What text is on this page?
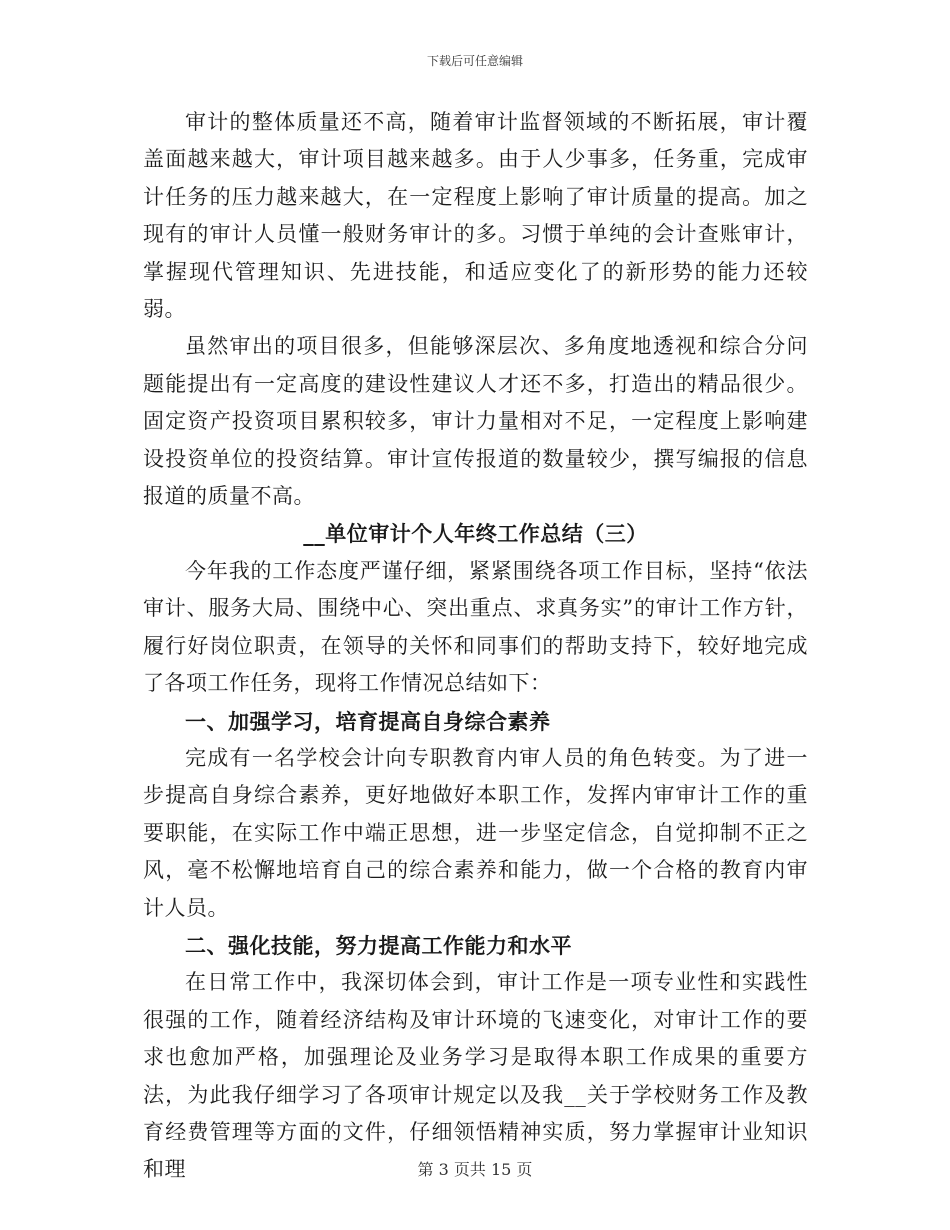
下载后可任意编辑

审计的整体质量还不高，随着审计监督领域的不断拓展，审计覆盖面越来越大，审计项目越来越多。由于人少事多，任务重，完成审计任务的压力越来越大，在一定程度上影响了审计质量的提高。加之现有的审计人员懂一般财务审计的多。习惯于单纯的会计查账审计，掌握现代管理知识、先进技能，和适应变化了的新形势的能力还较弱。

虽然审出的项目很多，但能够深层次、多角度地透视和综合分问题能提出有一定高度的建设性建议人才还不多，打造出的精品很少。固定资产投资项目累积较多，审计力量相对不足，一定程度上影响建设投资单位的投资结算。审计宣传报道的数量较少，撰写编报的信息报道的质量不高。

__单位审计个人年终工作总结（三）

今年我的工作态度严谨仔细，紧紧围绕各项工作目标，坚持“依法审计、服务大局、围绕中心、突出重点、求真务实”的审计工作方针，履行好岗位职责，在领导的关怀和同事们的帮助支持下，较好地完成了各项工作任务，现将工作情况总结如下：

一、加强学习，培育提高自身综合素养

完成有一名学校会计向专职教育内审人员的角色转变。为了进一步提高自身综合素养，更好地做好本职工作，发挥内审审计工作的重要职能，在实际工作中端正思想，进一步坚定信念，自觉抑制不正之风，毫不松懈地培育自己的综合素养和能力，做一个合格的教育内审计人员。

二、强化技能，努力提高工作能力和水平

在日常工作中，我深切体会到，审计工作是一项专业性和实践性很强的工作，随着经济结构及审计环境的飞速变化，对审计工作的要求也愈加严格，加强理论及业务学习是取得本职工作成果的重要方法，为此我仔细学习了各项审计规定以及我__关于学校财务工作及教育经费管理等方面的文件，仔细领悟精神实质，努力掌握审计业知识和理	第 3 页共 15 页
